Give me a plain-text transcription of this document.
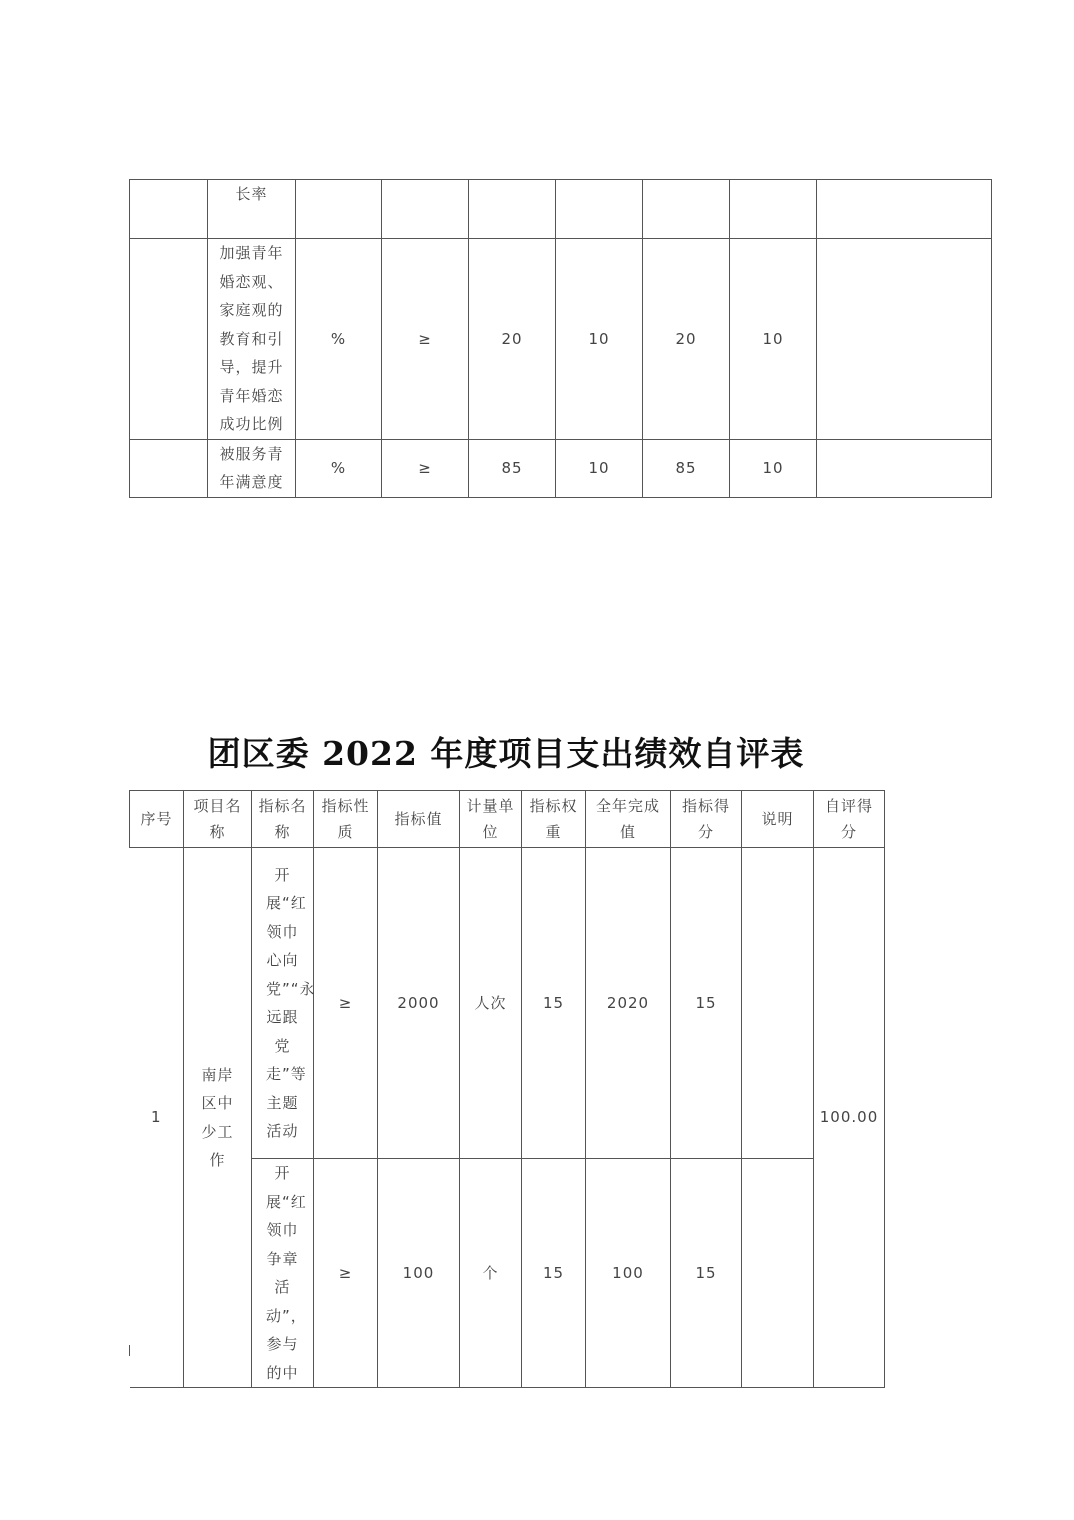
	长率							

	加强青年婚恋观、家庭观的教育和引导，提升青年婚恋成功比例	%	≥	20	10	20	10	
	被服务青年满意度	%	≥	85	10	85	10	
团区委 2022 年度项目支出绩效自评表
序号	项目名称	指标名称	指标性质	指标值	计量单位	指标权重	全年完成值	指标得分	说明	自评得分
1	南岸区中少工作	开展“红领巾心向党”“永远跟党走”等主题活动	≥	2000	人次	15	2020	15		100.00
		开展“红领巾争章活动”，参与的中	≥	100	个	15	100	15		
